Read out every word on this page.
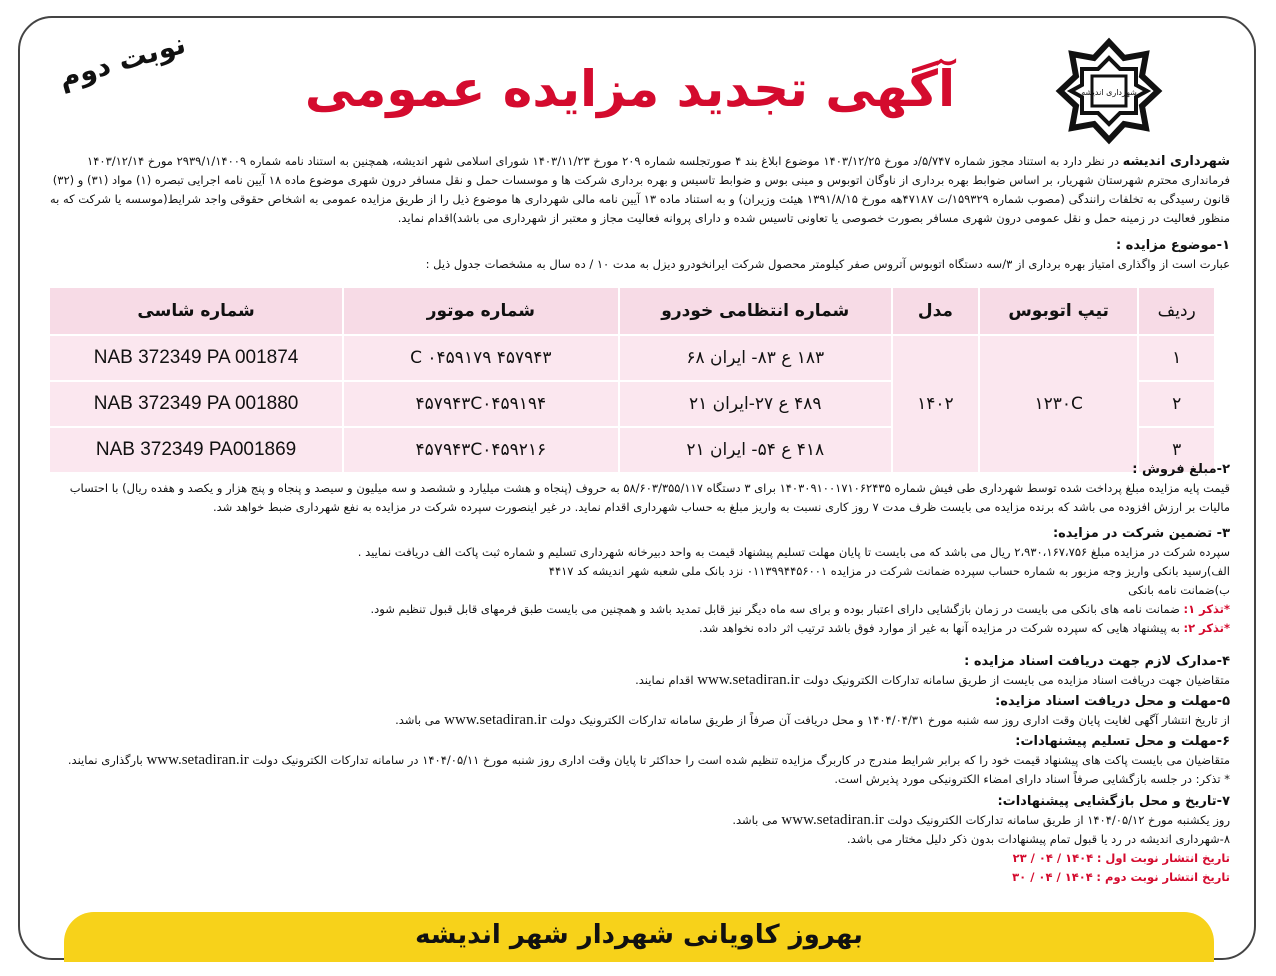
نوبت دوم	شهرداری اندیشه
آگهی تجدید مزایده عمومی
شهرداری اندیشه در نظر دارد به استناد مجوز شماره ۵/۷۴۷/د مورخ ۱۴۰۳/۱۲/۲۵ موضوع ابلاغ بند ۴ صورتجلسه شماره ۲۰۹ مورخ ۱۴۰۳/۱۱/۲۳ شورای اسلامی شهر اندیشه، همچنین به استناد نامه شماره ۲۹۳۹/۱/۱۴۰۰۹ مورخ ۱۴۰۳/۱۲/۱۴ فرمانداری محترم شهرستان شهریار، بر اساس ضوابط بهره برداری از ناوگان اتوبوس و مینی بوس و ضوابط تاسیس و بهره برداری شرکت ها و موسسات حمل و نقل مسافر درون شهری موضوع ماده ۱۸ آیین نامه اجرایی تبصره (۱) مواد (۳۱) و (۳۲) قانون رسیدگی به تخلفات رانندگی (مصوب شماره ۱۵۹۳۲۹/ت ۴۷۱۸۷هه مورخ ۱۳۹۱/۸/۱۵ هیئت وزیران) و به استناد ماده ۱۳ آیین نامه مالی شهرداری ها موضوع ذیل را از طریق مزایده عمومی به اشخاص حقوقی واجد شرایط(موسسه یا شرکت که به منظور فعالیت در زمینه حمل و نقل عمومی درون شهری مسافر بصورت خصوصی یا تعاونی تاسیس شده و دارای پروانه فعالیت مجاز و معتبر از شهرداری می باشد)اقدام نماید.
۱-موضوع مزایده :
عبارت است از واگذاری امتیاز بهره برداری از ۳/سه دستگاه اتوبوس آتروس صفر کیلومتر محصول شرکت ایرانخودرو دیزل به مدت ۱۰ / ده سال به مشخصات جدول ذیل :
ردیف	تیپ اتوبوس	مدل	شماره انتظامی خودرو	شماره موتور	شماره شاسی
۱	۱۲۳۰C	۱۴۰۲	۱۸۳ ع ۸۳- ایران ۶۸	۴۵۷۹۴۳ C ۰۴۵۹۱۷۹	NAB 372349 PA 001874
۲			۴۸۹ ع ۲۷-ایران ۲۱	۴۵۷۹۴۳C۰۴۵۹۱۹۴	NAB 372349 PA 001880
۳			۴۱۸ ع ۵۴- ایران ۲۱	۴۵۷۹۴۳C۰۴۵۹۲۱۶	NAB 372349 PA001869
۲-مبلغ فروش :
قیمت پایه مزایده مبلغ پرداخت شده توسط شهرداری طی فیش شماره ۱۴۰۳۰۹۱۰۰۱۷۱۰۶۲۴۳۵ برای ۳ دستگاه ۵۸/۶۰۳/۳۵۵/۱۱۷ به حروف (پنجاه و هشت میلیارد و ششصد و سه میلیون و سیصد و پنجاه و پنج هزار و یکصد و هفده ریال) با احتساب مالیات بر ارزش افزوده می باشد که برنده مزایده می بایست ظرف مدت ۷ روز کاری نسبت به واریز مبلغ به حساب شهرداری اقدام نماید. در غیر اینصورت سپرده شرکت در مزایده به نفع شهرداری ضبط خواهد شد.
۳- تضمین شرکت در مزایده:
سپرده شرکت در مزایده مبلغ ۲،۹۳۰،۱۶۷،۷۵۶ ریال می باشد که می بایست تا پایان مهلت تسلیم پیشنهاد قیمت به واحد دبیرخانه شهرداری تسلیم و شماره ثبت پاکت الف دریافت نمایید .
الف)رسید بانکی واریز وجه مزبور به شماره حساب سپرده ضمانت شرکت در مزایده ۰۱۱۳۹۹۴۴۵۶۰۰۱ نزد بانک ملی شعبه شهر اندیشه کد ۴۴۱۷
ب)ضمانت نامه بانکی
*تذکر ۱: ضمانت نامه های بانکی می بایست در زمان بازگشایی دارای اعتبار بوده و برای سه ماه دیگر نیز قابل تمدید باشد و همچنین می بایست طبق فرمهای قابل قبول تنظیم شود.
*تذکر ۲: به پیشنهاد هایی که سپرده شرکت در مزایده آنها به غیر از موارد فوق باشد ترتیب اثر داده نخواهد شد.
۴-مدارک لازم جهت دریافت اسناد مزایده :
متقاضیان جهت دریافت اسناد مزایده می بایست از طریق سامانه تدارکات الکترونیک دولت www.setadiran.ir اقدام نمایند.
۵-مهلت و محل دریافت اسناد مزایده:
از تاریخ انتشار آگهی لغایت پایان وقت اداری روز سه شنبه مورخ ۱۴۰۴/۰۴/۳۱ و محل دریافت آن صرفاً از طریق سامانه تدارکات الکترونیک دولت www.setadiran.ir می باشد.
۶-مهلت و محل تسلیم پیشنهادات:
متقاضیان می بایست پاکت های پیشنهاد قیمت خود را که برابر شرایط مندرج در کاربرگ مزایده تنظیم شده است را حداکثر تا پایان وقت اداری روز شنبه مورخ ۱۴۰۴/۰۵/۱۱ در سامانه تدارکات الکترونیک دولت www.setadiran.ir بارگذاری نمایند.
* تذکر: در جلسه بازگشایی صرفاً اسناد دارای امضاء الکترونیکی مورد پذیرش است.
۷-تاریخ و محل بازگشایی پیشنهادات:
روز یکشنبه مورخ ۱۴۰۴/۰۵/۱۲ از طریق سامانه تدارکات الکترونیک دولت www.setadiran.ir می باشد.
۸-شهرداری اندیشه در رد یا قبول تمام پیشنهادات بدون ذکر دلیل مختار می باشد.
تاریخ انتشار نوبت اول : ۱۴۰۴ / ۰۴ / ۲۳
تاریخ انتشار نوبت دوم : ۱۴۰۴ / ۰۴ / ۳۰
بهروز کاویانی شهردار شهر اندیشه
